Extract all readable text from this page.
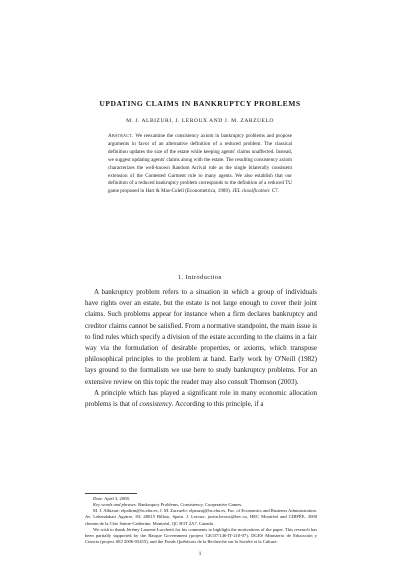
UPDATING CLAIMS IN BANKRUPTCY PROBLEMS
M. J. ALBIZURI, J. LEROUX AND J. M. ZARZUELO
Abstract. We reexamine the consistency axiom in bankruptcy problems and propose arguments in favor of an alternative definition of a reduced problem. The classical definition updates the size of the estate while keeping agents' claims unaffected. Instead, we suggest updating agents' claims along with the estate. The resulting consistency axiom characterizes the well-known Random Arrival rule as the single bilaterally consistent extension of the Contested Garment rule to many agents. We also establish that our definition of a reduced bankruptcy problem corresponds to the definition of a reduced TU game proposed in Hart & Mas-Colell (Econometrica, 1989). JEL classification: C7.
1. Introduction

A bankruptcy problem refers to a situation in which a group of individuals have rights over an estate, but the estate is not large enough to cover their joint claims. Such problems appear for instance when a firm declares bankruptcy and creditor claims cannot be satisfied. From a normative standpoint, the main issue is to find rules which specify a division of the estate according to the claims in a fair way via the formulation of desirable properties, or axioms, which transpose philosophical principles to the problem at hand. Early work by O'Neill (1982) lays ground to the formalism we use here to study bankruptcy problems. For an extensive review on this topic the reader may also consult Thomson (2003).

A principle which has played a significant role in many economic allocation problems is that of consistency. According to this principle, if a

Date: April 3, 2008.

Key words and phrases. Bankruptcy Problems, Consistency, Cooperative Games.

M. J. Albizuri: elpalirm@bs.ehu.es; J. M. Zarzuelo: elpzazaj@bs.ehu.es, Fac. of Economics and Business Administration. Av. Lehendakari Aguirre, 83; 48015 Bilbao, Spain. J. Leroux: justin.leroux@hec.ca, HEC Montréal and CIRPÉE, 3000 chemin de la Côte Sainte-Catherine, Montréal, QC H3T 2A7, Canada.

We wish to thank Jérémy Laurent-Lucchetti for his comments to highlight the motivations of the paper. This research has been partially supported by the Basque Government (project GIC07/146-IT-210-07), DGES Ministerio de Educación y Ciencia (project SEJ 2006-05455), and the Fonds Québécois de la Recherche sur la Société et la Culture.

1
